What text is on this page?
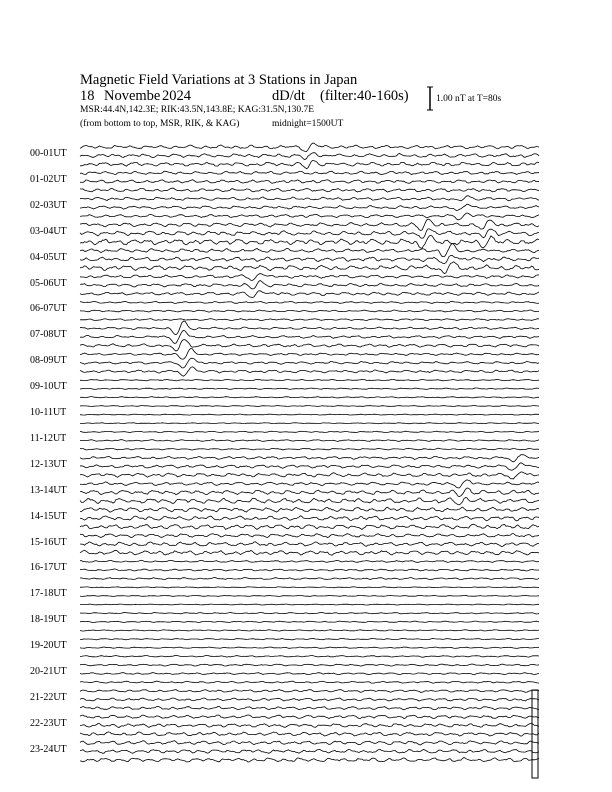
Magnetic Field Variations at 3 Stations in Japan
18 Novembe 2024	dD/dt (filter:40-160s)
MSR:44.4N,142.3E; RIK:43.5N,143.8E; KAG:31.5N,130.7E
(from bottom to top, MSR, RIK, & KAG)	midnight=1500UT
1.00 nT at T=80s
00-01UT
01-02UT
02-03UT
03-04UT
04-05UT
05-06UT
06-07UT
07-08UT
08-09UT
09-10UT
10-11UT
11-12UT
12-13UT
13-14UT
14-15UT
15-16UT
16-17UT
17-18UT
18-19UT
19-20UT
20-21UT
21-22UT
22-23UT
23-24UT
